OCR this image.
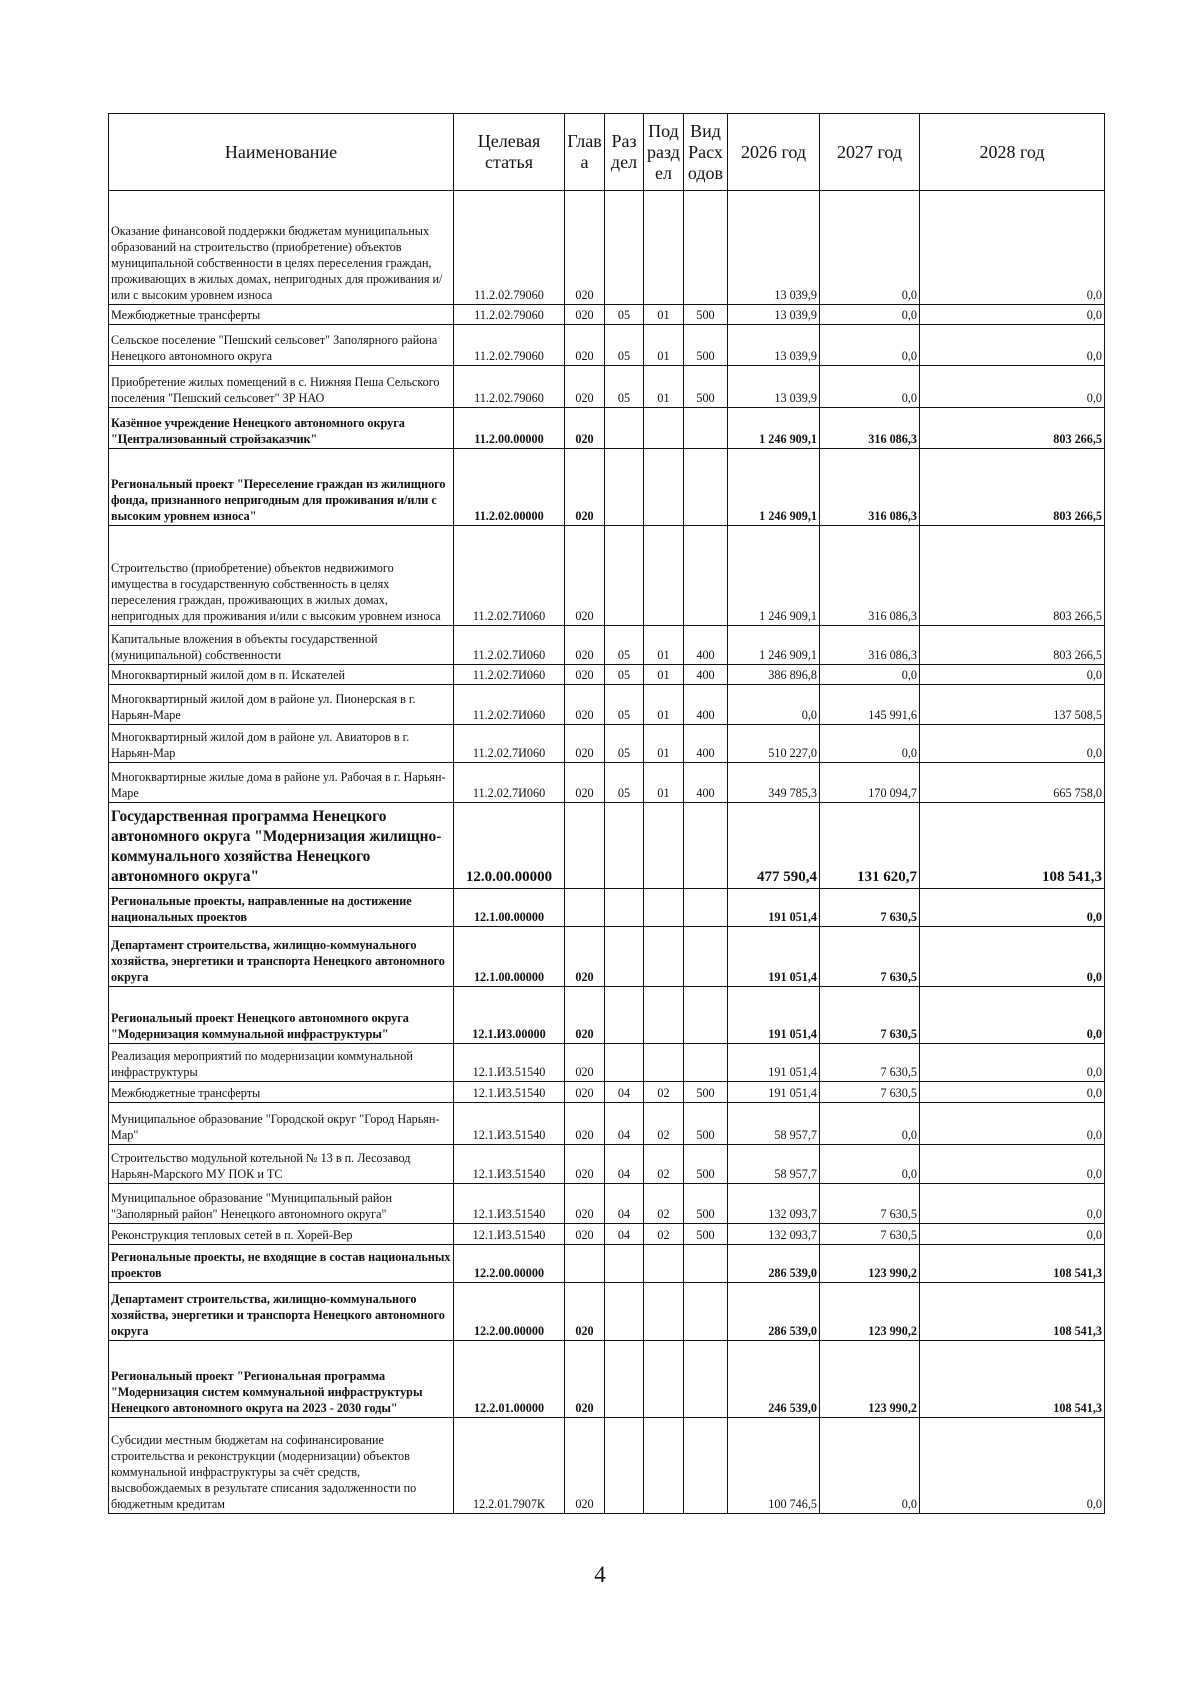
Наименование	Целевая статья	Глав а	Раз дел	Под разд ел	Вид Расх одов	2026 год	2027 год	2028 год
Оказание финансовой поддержки бюджетам муниципальных образований на строительство (приобретение) объектов муниципальной собственности в целях переселения граждан, проживающих в жилых домах, непригодных для проживания и/или с высоким уровнем износа	11.2.02.79060	020				13 039,9	0,0	0,0
Межбюджетные трансферты	11.2.02.79060	020	05	01	500	13 039,9	0,0	0,0
Сельское поселение "Пешский сельсовет" Заполярного района Ненецкого автономного округа	11.2.02.79060	020	05	01	500	13 039,9	0,0	0,0
Приобретение жилых помещений в с. Нижняя Пеша Сельского поселения "Пешский сельсовет" ЗР НАО	11.2.02.79060	020	05	01	500	13 039,9	0,0	0,0
Казённое учреждение Ненецкого автономного округа "Централизованный стройзаказчик"	11.2.00.00000	020				1 246 909,1	316 086,3	803 266,5
Региональный проект "Переселение граждан из жилищного фонда, признанного непригодным для проживания и/или с высоким уровнем износа"	11.2.02.00000	020				1 246 909,1	316 086,3	803 266,5
Строительство (приобретение) объектов недвижимого имущества в государственную собственность в целях переселения граждан, проживающих в жилых домах, непригодных для проживания и/или с высоким уровнем износа	11.2.02.7И060	020				1 246 909,1	316 086,3	803 266,5
Капитальные вложения в объекты государственной (муниципальной) собственности	11.2.02.7И060	020	05	01	400	1 246 909,1	316 086,3	803 266,5
Многоквартирный жилой дом в п. Искателей	11.2.02.7И060	020	05	01	400	386 896,8	0,0	0,0
Многоквартирный жилой дом в районе ул. Пионерская в г. Нарьян-Маре	11.2.02.7И060	020	05	01	400	0,0	145 991,6	137 508,5
Многоквартирный жилой дом в районе ул. Авиаторов в г. Нарьян-Мар	11.2.02.7И060	020	05	01	400	510 227,0	0,0	0,0
Многоквартирные жилые дома в районе ул. Рабочая в г. Нарьян-Маре	11.2.02.7И060	020	05	01	400	349 785,3	170 094,7	665 758,0
Государственная программа Ненецкого автономного округа "Модернизация жилищно-коммунального хозяйства Ненецкого автономного округа"	12.0.00.00000					477 590,4	131 620,7	108 541,3
Региональные проекты, направленные на достижение национальных проектов	12.1.00.00000					191 051,4	7 630,5	0,0
Департамент строительства, жилищно-коммунального хозяйства, энергетики и транспорта Ненецкого автономного округа	12.1.00.00000	020				191 051,4	7 630,5	0,0
Региональный проект Ненецкого автономного округа "Модернизация коммунальной инфраструктуры"	12.1.И3.00000	020				191 051,4	7 630,5	0,0
Реализация мероприятий по модернизации коммунальной инфраструктуры	12.1.И3.51540	020				191 051,4	7 630,5	0,0
Межбюджетные трансферты	12.1.И3.51540	020	04	02	500	191 051,4	7 630,5	0,0
Муниципальное образование "Городской округ "Город Нарьян-Мар"	12.1.И3.51540	020	04	02	500	58 957,7	0,0	0,0
Строительство модульной котельной № 13 в п. Лесозавод Нарьян-Марского МУ ПОК и ТС	12.1.И3.51540	020	04	02	500	58 957,7	0,0	0,0
Муниципальное образование "Муниципальный район "Заполярный район" Ненецкого автономного округа"	12.1.И3.51540	020	04	02	500	132 093,7	7 630,5	0,0
Реконструкция тепловых сетей в п. Хорей-Вер	12.1.И3.51540	020	04	02	500	132 093,7	7 630,5	0,0
Региональные проекты, не входящие в состав национальных проектов	12.2.00.00000					286 539,0	123 990,2	108 541,3
Департамент строительства, жилищно-коммунального хозяйства, энергетики и транспорта Ненецкого автономного округа	12.2.00.00000	020				286 539,0	123 990,2	108 541,3
Региональный проект "Региональная программа "Модернизация систем коммунальной инфраструктуры Ненецкого автономного округа на 2023 - 2030 годы"	12.2.01.00000	020				246 539,0	123 990,2	108 541,3
Субсидии местным бюджетам на софинансирование строительства и реконструкции (модернизации) объектов коммунальной инфраструктуры за счёт средств, высвобождаемых в результате списания задолженности по бюджетным кредитам	12.2.01.7907К	020				100 746,5	0,0	0,0
4
